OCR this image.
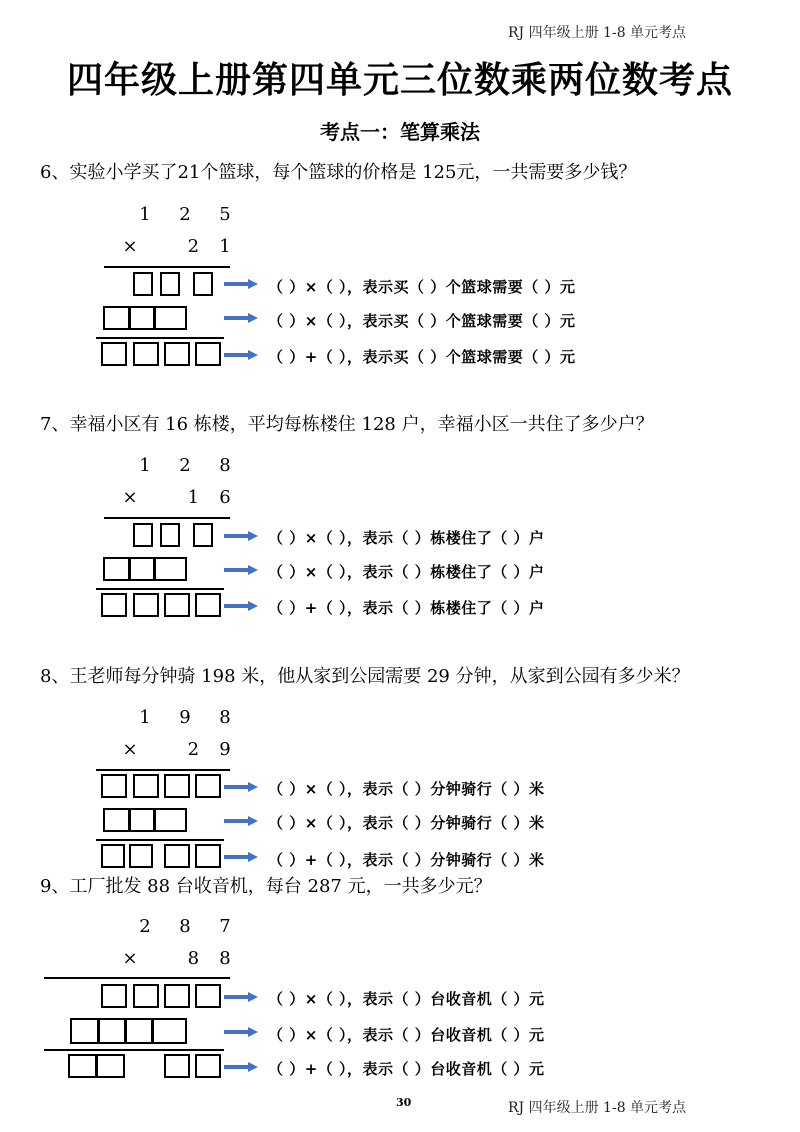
RJ 四年级上册 1-8 单元考点
四年级上册第四单元三位数乘两位数考点
考点一：笔算乘法
6、实验小学买了21个篮球，每个篮球的价格是 125元，一共需要多少钱？
1 2 5
×	2 1
（ ）×（ ），表示买（ ）个篮球需要（ ）元
（ ）×（ ），表示买（ ）个篮球需要（ ）元
（ ）+（ ），表示买（ ）个篮球需要（ ）元
7、幸福小区有 16 栋楼，平均每栋楼住 128 户，幸福小区一共住了多少户？
1 2 8
×	1 6
（ ）×（ ），表示（ ）栋楼住了（ ）户
（ ）×（ ），表示（ ）栋楼住了（ ）户
（ ）+（ ），表示（ ）栋楼住了（ ）户
8、王老师每分钟骑 198 米，他从家到公园需要 29 分钟，从家到公园有多少米？
1 9 8
×	2 9
（ ）×（ ），表示（ ）分钟骑行（ ）米
（ ）×（ ），表示（ ）分钟骑行（ ）米
（ ）+（ ），表示（ ）分钟骑行（ ）米
9、工厂批发 88 台收音机，每台 287 元，一共多少元？
2 8 7
×	8 8
（ ）×（ ），表示（ ）台收音机（ ）元
（ ）×（ ），表示（ ）台收音机（ ）元
（ ）+（ ），表示（ ）台收音机（ ）元
30	RJ 四年级上册 1-8 单元考点
